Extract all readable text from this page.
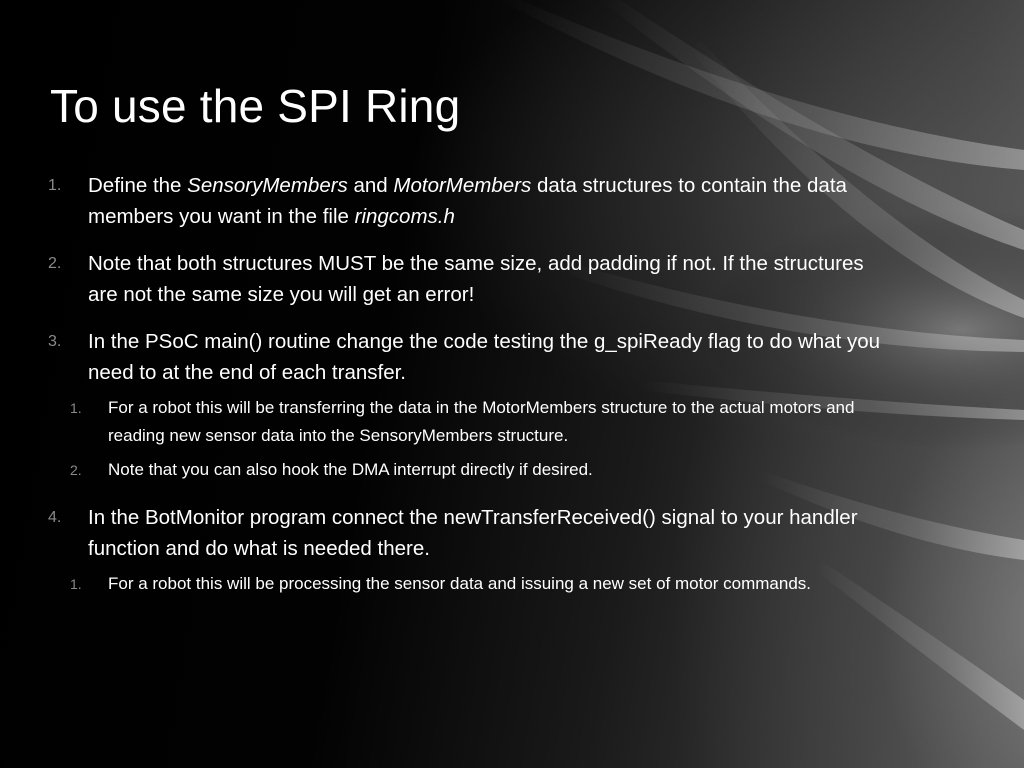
To use the SPI Ring
1. Define the SensoryMembers and MotorMembers data structures to contain the data members you want in the file ringcoms.h
2. Note that both structures MUST be the same size, add padding if not. If the structures are not the same size you will get an error!
3. In the PSoC main() routine change the code testing the g_spiReady flag to do what you need to at the end of each transfer.
1. For a robot this will be transferring the data in the MotorMembers structure to the actual motors and reading new sensor data into the SensoryMembers structure.
2. Note that you can also hook the DMA interrupt directly if desired.
4. In the BotMonitor program connect the newTransferReceived() signal to your handler function and do what is needed there.
1. For a robot this will be processing the sensor data and issuing a new set of motor commands.
